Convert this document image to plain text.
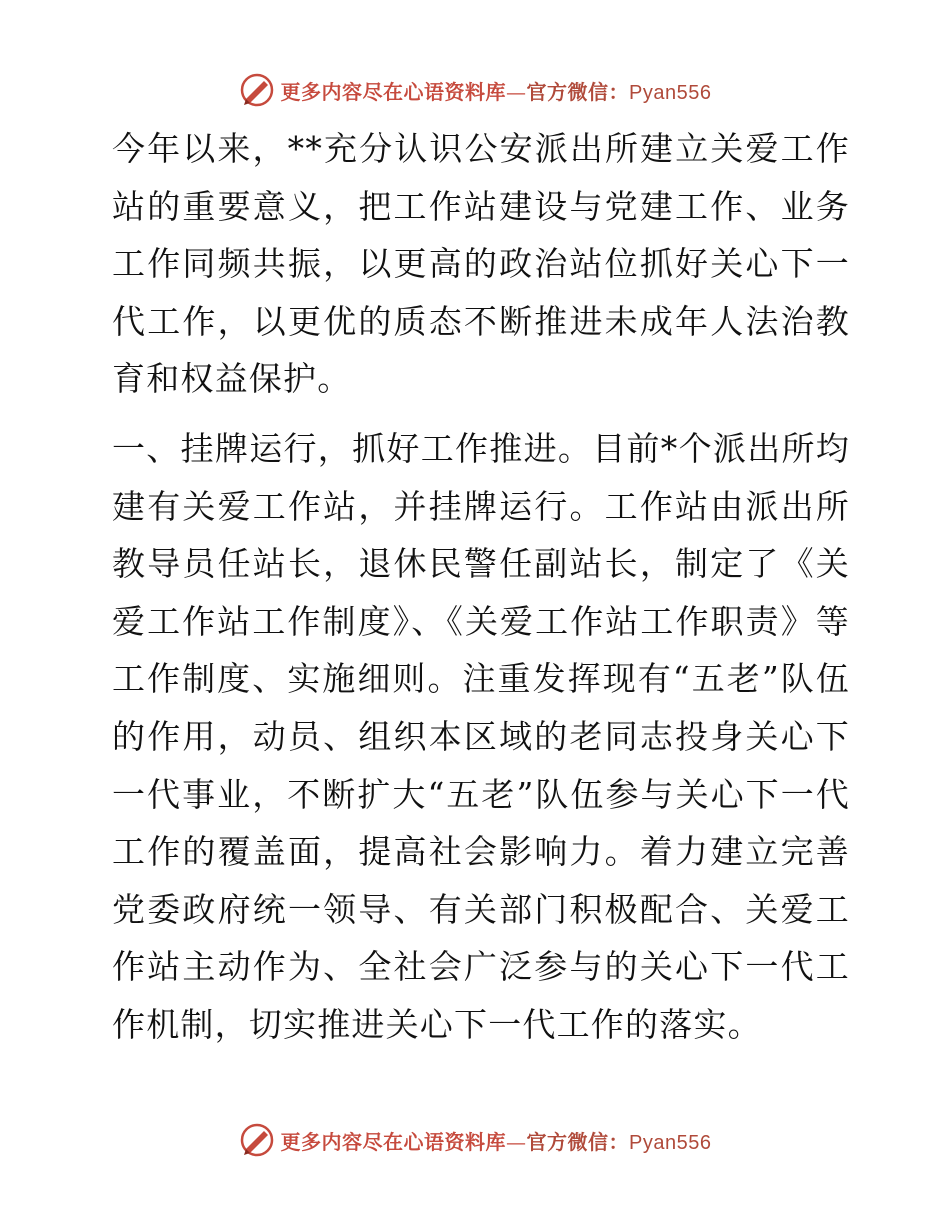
更多内容尽在心语资料库—官方微信：Pyan556

今年以来，**充分认识公安派出所建立关爱工作站的重要意义，把工作站建设与党建工作、业务工作同频共振，以更高的政治站位抓好关心下一代工作，以更优的质态不断推进未成年人法治教育和权益保护。

一、挂牌运行，抓好工作推进。目前*个派出所均建有关爱工作站，并挂牌运行。工作站由派出所教导员任站长，退休民警任副站长，制定了《关爱工作站工作制度》、《关爱工作站工作职责》等工作制度、实施细则。注重发挥现有“五老”队伍的作用，动员、组织本区域的老同志投身关心下一代事业，不断扩大“五老”队伍参与关心下一代工作的覆盖面，提高社会影响力。着力建立完善党委政府统一领导、有关部门积极配合、关爱工作站主动作为、全社会广泛参与的关心下一代工作机制，切实推进关心下一代工作的落实。

更多内容尽在心语资料库—官方微信：Pyan556
